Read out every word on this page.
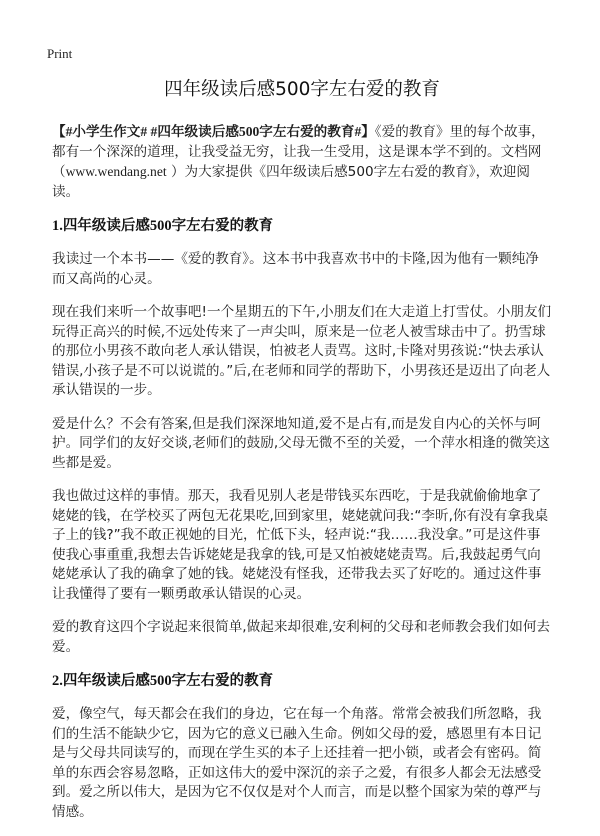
Print
四年级读后感500字左右爱的教育

【#小学生作文# #四年级读后感500字左右爱的教育#】《爱的教育》里的每个故事，都有一个深深的道理，让我受益无穷，让我一生受用，这是课本学不到的。文档网（www.wendang.net ）为大家提供《四年级读后感500字左右爱的教育》，欢迎阅读。

1.四年级读后感500字左右爱的教育

我读过一个本书——《爱的教育》。这本书中我喜欢书中的卡隆,因为他有一颗纯净而又高尚的心灵。

现在我们来听一个故事吧!一个星期五的下午,小朋友们在大走道上打雪仗。小朋友们玩得正高兴的时候,不远处传来了一声尖叫，原来是一位老人被雪球击中了。扔雪球的那位小男孩不敢向老人承认错误，怕被老人责骂。这时,卡隆对男孩说:“快去承认错误,小孩子是不可以说谎的。”后,在老师和同学的帮助下，小男孩还是迈出了向老人承认错误的一步。

爱是什么？不会有答案,但是我们深深地知道,爱不是占有,而是发自内心的关怀与呵护。同学们的友好交谈,老师们的鼓励,父母无微不至的关爱，一个萍水相逢的微笑这些都是爱。

我也做过这样的事情。那天，我看见别人老是带钱买东西吃，于是我就偷偷地拿了姥姥的钱，在学校买了两包无花果吃,回到家里，姥姥就问我:“李昕,你有没有拿我桌子上的钱?”我不敢正视她的目光，忙低下头，轻声说:“我……我没拿。”可是这件事使我心事重重,我想去告诉姥姥是我拿的钱,可是又怕被姥姥责骂。后,我鼓起勇气向姥姥承认了我的确拿了她的钱。姥姥没有怪我，还带我去买了好吃的。通过这件事让我懂得了要有一颗勇敢承认错误的心灵。

爱的教育这四个字说起来很简单,做起来却很难,安利柯的父母和老师教会我们如何去爱。

2.四年级读后感500字左右爱的教育

爱，像空气，每天都会在我们的身边，它在每一个角落。常常会被我们所忽略，我们的生活不能缺少它，因为它的意义已融入生命。例如父母的爱，感恩里有本日记是与父母共同读写的，而现在学生买的本子上还挂着一把小锁，或者会有密码。简单的东西会容易忽略，正如这伟大的爱中深沉的亲子之爱，有很多人都会无法感受到。爱之所以伟大，是因为它不仅仅是对个人而言，而是以整个国家为荣的尊严与情感。
